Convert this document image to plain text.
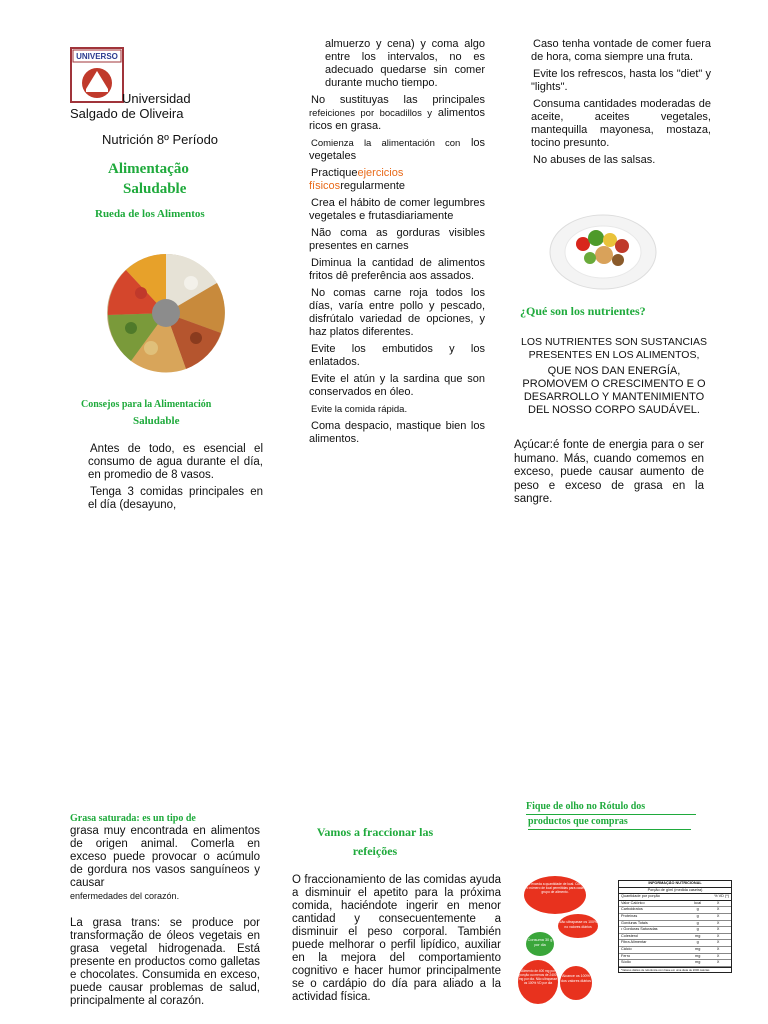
UNIVERSO
Universidad
Salgado de Oliveira
Nutrición 8º Período
Alimentação
Saludable
Rueda de los Alimentos
Consejos para la Alimentación
Saludable
Antes de todo, es esencial el consumo de agua durante el día, en promedio de 8 vasos.
Tenga 3 comidas principales en el día (desayuno,
almuerzo y cena) y coma algo entre los intervalos, no es adecuado quedarse sin comer durante mucho tiempo.
No sustituyas las principales refeiciones por bocadillos y alimentos ricos en grasa.
Comienza la alimentación con los vegetales
Practiqueejercicios físicosregularmente
Crea el hábito de comer legumbres vegetales e frutasdiariamente
Não coma as gorduras visibles presentes en carnes
Diminua la cantidad de alimentos fritos dê preferência aos assados.
No comas carne roja todos los días, varía entre pollo y pescado, disfrútalo variedad de opciones, y haz platos diferentes.
Evite los embutidos y los enlatados.
Evite el atún y la sardina que son conservados en óleo.
Evite la comida rápida.
Coma despacio, mastique bien los alimentos.
Caso tenha vontade de comer fuera de hora, coma siempre una fruta.
Evite los refrescos, hasta los "diet" y "lights".
Consuma cantidades moderadas de aceite, aceites vegetales, mantequilla mayonesa, mostaza, tocino presunto.
No abuses de las salsas.
¿Qué son los nutrientes?
LOS NUTRIENTES SON SUSTANCIAS PRESENTES EN LOS ALIMENTOS,
QUE NOS DAN ENERGÍA, PROMOVEM O CRESCIMENTO E O DESARROLLO Y MANTENIMIENTO DEL NOSSO CORPO SAUDÁVEL.
Açúcar:é fonte de energia para o ser humano. Más, cuando comemos en exceso, puede causar aumento de peso e exceso de grasa en la sangre.
Grasa saturada: es un tipo de
grasa muy encontrada en alimentos de origen animal. Comerla en exceso puede provocar o acúmulo de gordura nos vasos sanguíneos y causar
enfermedades del corazón.
La grasa trans: se produce por transformação de óleos vegetais en grasa vegetal hidrogenada. Está presente en productos como galletas e chocolates. Consumida en exceso, puede causar problemas de salud, principalmente al corazón.
Vamos a fraccionar las
refeições
O fraccionamiento de las comidas ayuda a disminuir el apetito para la próxima comida, haciéndote ingerir en menor cantidad y consecuentemente a disminuir el peso corporal. También puede melhorar o perfil lipídico, auxiliar en la mejora del comportamiento cognitivo e hacer humor principalmente se o cardápio do día para aliado a la actividad física.
Fique de olho no Rótulo dos
productos que compras
Não exceda a quantidade de kcal. Confira o número de kcal permitidas para cada grupo de alimento.
Não ultrapasse os 100% no valores diários
Consuma 30 g por dia
Alimento de 400 mg por porção ou menos de 2400 mg por dia. Não ultrapasse os 100% VD por dia
Alcance os 100% dos valores diários
INFORMAÇÃO NUTRICIONAL
Porção de g/ml (medida caseira)
Quantidade por porção	% VD (*)
Valor Calórico	kcal	X
Carboidratos	g	X
Proteínas	g	X
Gorduras Totais	g	X
• Gorduras Saturadas	g	X
Colesterol	mg	X
Fibra Alimentar	g	X
Cálcio	mg	X
Ferro	mg	X
Sódio	mg	X
*Valores diários de referência com base em uma dieta de 2000 calorias
